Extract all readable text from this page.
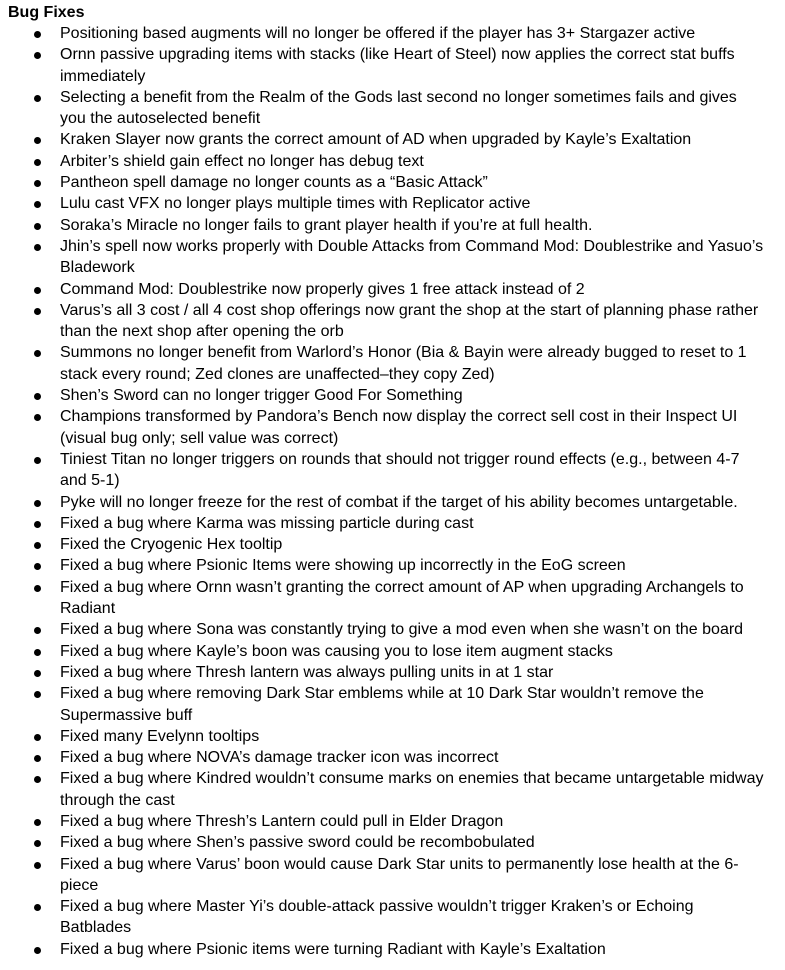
Bug Fixes
Positioning based augments will no longer be offered if the player has 3+ Stargazer active
Ornn passive upgrading items with stacks (like Heart of Steel) now applies the correct stat buffs immediately
Selecting a benefit from the Realm of the Gods last second no longer sometimes fails and gives you the autoselected benefit
Kraken Slayer now grants the correct amount of AD when upgraded by Kayle’s Exaltation
Arbiter’s shield gain effect no longer has debug text
Pantheon spell damage no longer counts as a “Basic Attack”
Lulu cast VFX no longer plays multiple times with Replicator active
Soraka’s Miracle no longer fails to grant player health if you’re at full health.
Jhin’s spell now works properly with Double Attacks from Command Mod: Doublestrike and Yasuo’s Bladework
Command Mod: Doublestrike now properly gives 1 free attack instead of 2
Varus’s all 3 cost / all 4 cost shop offerings now grant the shop at the start of planning phase rather than the next shop after opening the orb
Summons no longer benefit from Warlord’s Honor (Bia & Bayin were already bugged to reset to 1 stack every round; Zed clones are unaffected–they copy Zed)
Shen’s Sword can no longer trigger Good For Something
Champions transformed by Pandora’s Bench now display the correct sell cost in their Inspect UI (visual bug only; sell value was correct)
Tiniest Titan no longer triggers on rounds that should not trigger round effects (e.g., between 4-7 and 5-1)
Pyke will no longer freeze for the rest of combat if the target of his ability becomes untargetable.
Fixed a bug where Karma was missing particle during cast
Fixed the Cryogenic Hex tooltip
Fixed a bug where Psionic Items were showing up incorrectly in the EoG screen
Fixed a bug where Ornn wasn’t granting the correct amount of AP when upgrading Archangels to Radiant
Fixed a bug where Sona was constantly trying to give a mod even when she wasn’t on the board
Fixed a bug where Kayle’s boon was causing you to lose item augment stacks
Fixed a bug where Thresh lantern was always pulling units in at 1 star
Fixed a bug where removing Dark Star emblems while at 10 Dark Star wouldn’t remove the Supermassive buff
Fixed many Evelynn tooltips
Fixed a bug where NOVA’s damage tracker icon was incorrect
Fixed a bug where Kindred wouldn’t consume marks on enemies that became untargetable midway through the cast
Fixed a bug where Thresh’s Lantern could pull in Elder Dragon
Fixed a bug where Shen’s passive sword could be recombobulated
Fixed a bug where Varus’ boon would cause Dark Star units to permanently lose health at the 6-piece
Fixed a bug where Master Yi’s double-attack passive wouldn’t trigger Kraken’s or Echoing Batblades
Fixed a bug where Psionic items were turning Radiant with Kayle’s Exaltation
